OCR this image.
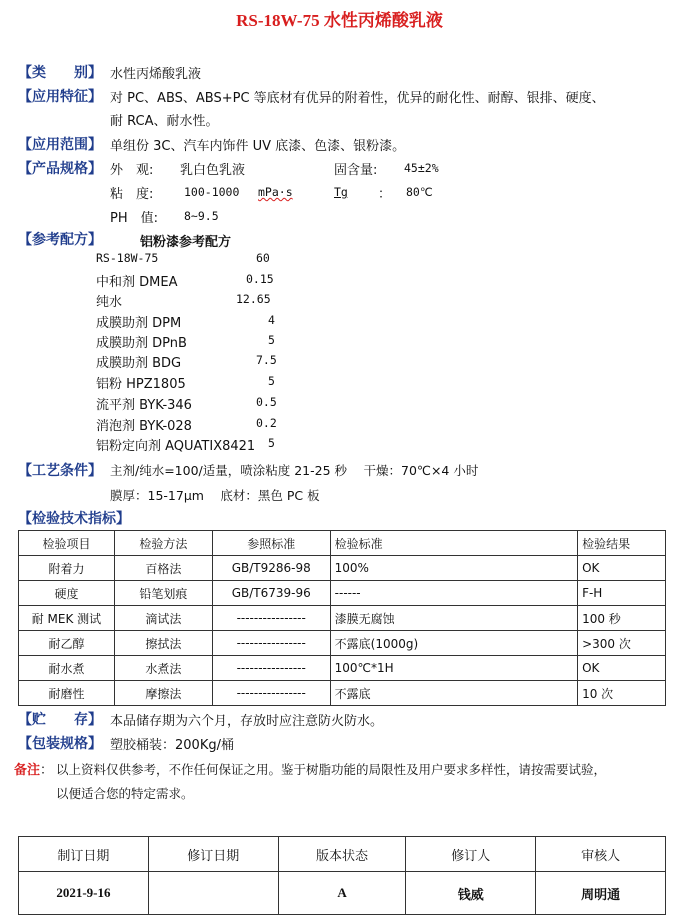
RS-18W-75 水性丙烯酸乳液
【类　　别】 水性丙烯酸乳液
【应用特征】 对 PC、ABS、ABS+PC 等底材有优异的附着性，优异的耐化性、耐醇、银排、硬度、
耐 RCA、耐水性。
【应用范围】 单组份 3C、汽车内饰件 UV 底漆、色漆、银粉漆。
【产品规格】 外　观: 乳白色乳液	固含量: 45±2%
粘　度:	100-1000 mPa·s	Tg ： 80℃
PH　值: 8~9.5
【参考配方】	铝粉漆参考配方
RS-18W-75	60
中和剂 DMEA	0.15
纯水	12.65
成膜助剂 DPM	4
成膜助剂 DPnB	5
成膜助剂 BDG	7.5
铝粉 HPZ1805	5
流平剂 BYK-346	0.5
消泡剂 BYK-028	0.2
铝粉定向剂 AQUATIX8421 5
【工艺条件】 主剂/纯水=100/适量，喷涂粘度 21-25 秒　 干燥：70℃×4 小时
膜厚：15-17μm　 底材：黑色 PC 板
【检验技术指标】
检验项目	检验方法	参照标准	检验标准	检验结果
附着力	百格法	GB/T9286-98	100%	OK
硬度	铅笔划痕	GB/T6739-96	------	F-H
耐 MEK 测试	滴试法	----------------	漆膜无腐蚀	100 秒
耐乙醇	擦拭法	----------------	不露底(1000g)	>300 次
耐水煮	水煮法	----------------	100℃*1H	OK
耐磨性	摩擦法	----------------	不露底	10 次
【贮　　存】 本品储存期为六个月，存放时应注意防火防水。
【包装规格】 塑胶桶装：200Kg/桶
备注： 以上资料仅供参考，不作任何保证之用。鉴于树脂功能的局限性及用户要求多样性，请按需要试验，
以便适合您的特定需求。
制订日期	修订日期	版本状态	修订人	审核人
2021-9-16		A	钱威	周明通
